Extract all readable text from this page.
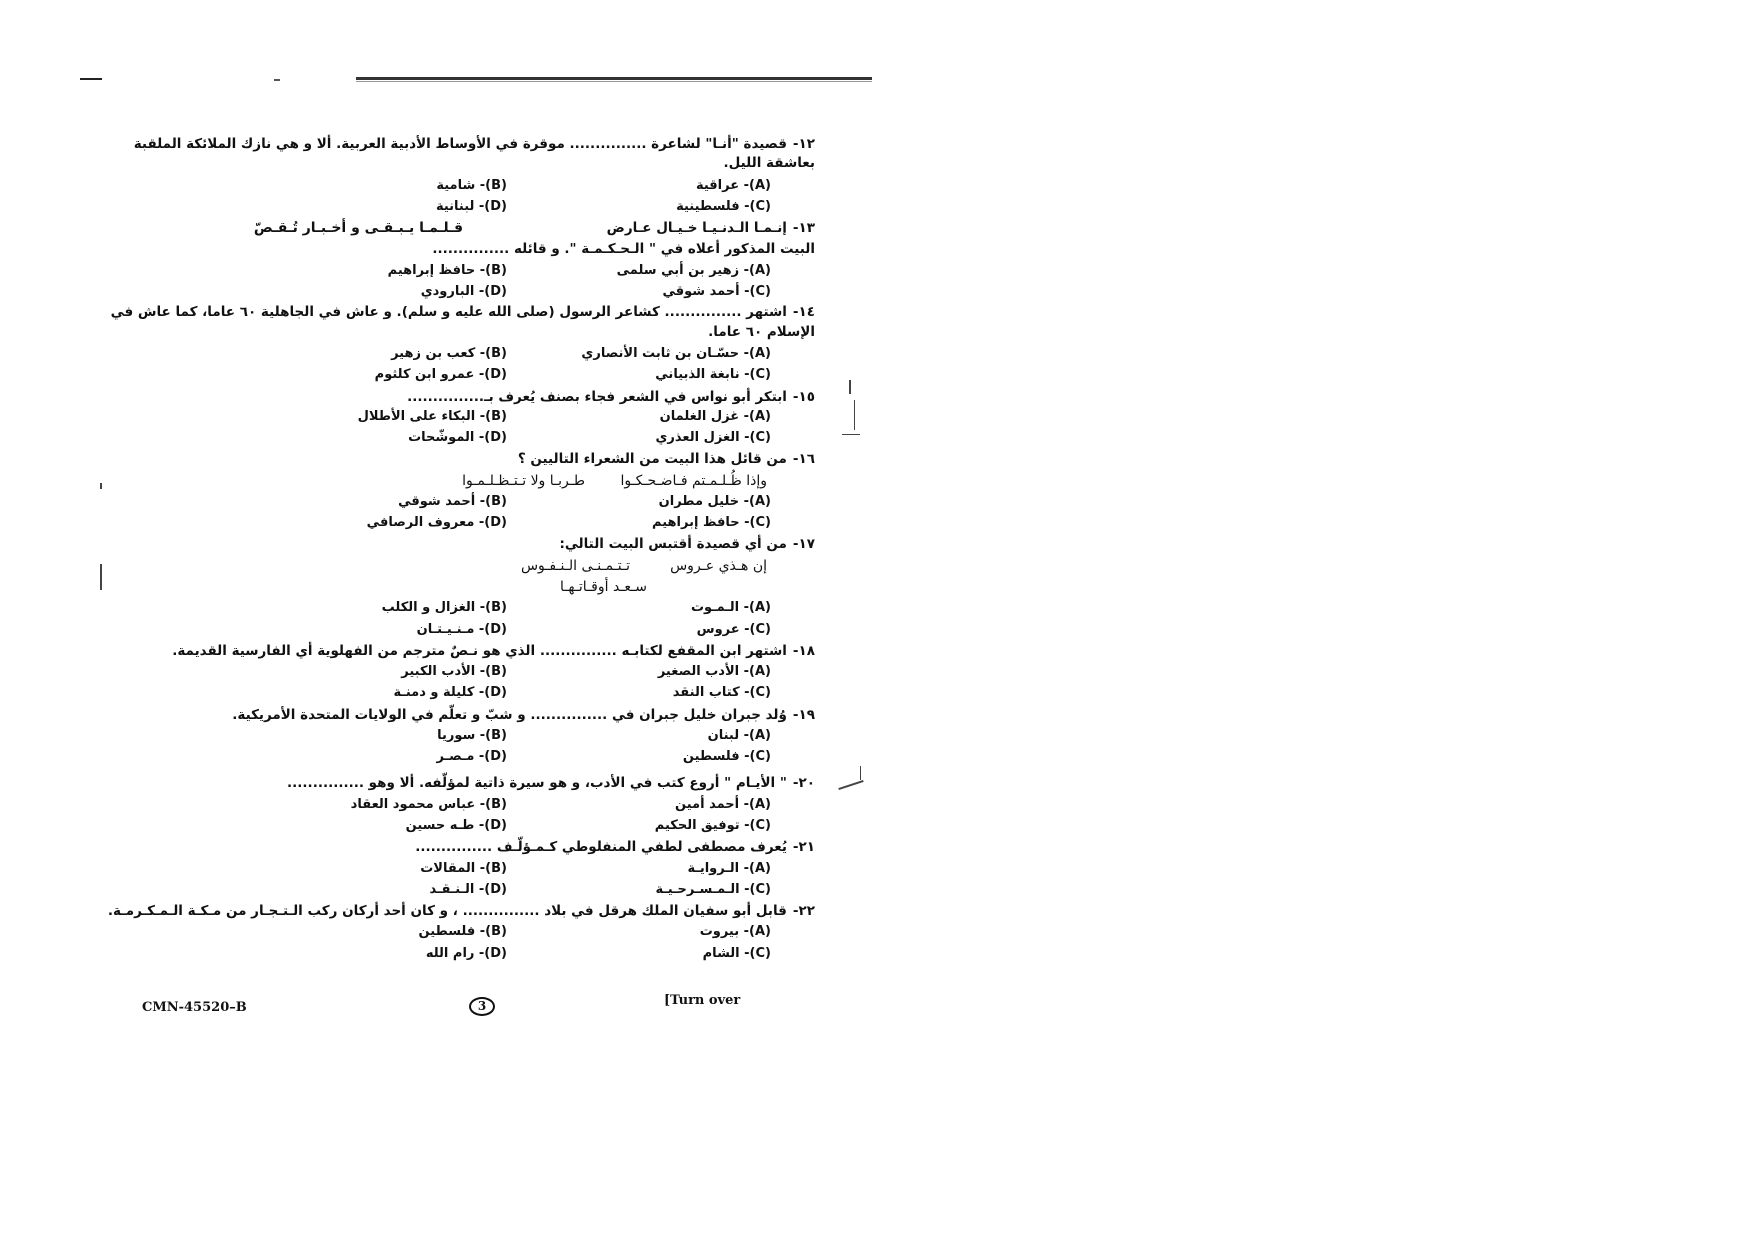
١٢-قصيدة "أنـا" لشاعرة ............... موقرة في الأوساط الأدبية العربية. ألا و هي نازك الملائكة الملقبة
بعاشقة الليل.
(A)- عراقية
(B)- شامية
(C)- فلسطينية
(D)- لبنانية
١٣-إنـمـا الـدنـيـا خـيـال عـارض
قـلـمـا يـبـقـى و أخـبـار تُـقـصّ
البيت المذكور أعلاه في " الـحـكـمـة ". و قائله ...............
(A)- زهير بن أبي سلمى
(B)- حافظ إبراهيم
(C)- أحمد شوقي
(D)- البارودي
١٤-اشتهر ............... كشاعر الرسول (صلى الله عليه و سلم). و عاش في الجاهلية ٦٠ عاما، كما عاش في
الإسلام ٦٠ عاما.
(A)- حسّـان بن ثابت الأنصاري
(B)- كعب بن زهير
(C)- نابغة الذبياني
(D)- عمرو ابن كلثوم
١٥-ابتكر أبو نواس في الشعر فجاء بصنف يُعرف بـ...............
(A)- غزل الغلمان
(B)- البكاء على الأطلال
(C)- الغزل العذري
(D)- الموشّحات
١٦-من قائل هذا البيت من الشعراء التاليين ؟
وإذا ظُـلـمـتم فـاضـحـكـوا
طـربـا ولا تـتـظـلـمـوا
(A)- خليل مطران
(B)- أحمد شوقي
(C)- حافظ إبراهيم
(D)- معروف الرصافي
١٧-من أي قصيدة أقتبس البيت التالي:
إن هـذي عـروس
تـتـمـنـى الـنـفـوس
سـعـد أوقـاتـهـا
(A)- الـمـوت
(B)- الغزال و الكلب
(C)- عروس
(D)- مـنـيـتـان
١٨-اشتهر ابن المقفع لكتابـه ............... الذي هو نـصٌ مترجم من الفهلوية أي الفارسية القديمة.
(A)- الأدب الصغير
(B)- الأدب الكبير
(C)- كتاب النقد
(D)- كليلة و دمنـة
١٩-وُلد جبران خليل جبران في ............... و شبّ و تعلّم في الولايات المتحدة الأمريكية.
(A)- لبنان
(B)- سوريا
(C)- فلسطين
(D)- مـصـر
٢٠-" الأيـام " أروع كتب في الأدب، و هو سيرة ذاتية لمؤلّفه. ألا وهو ...............
(A)- أحمد أمين
(B)- عباس محمود العقاد
(C)- توفيق الحكيم
(D)- طـه حسين
٢١-يُعرف مصطفى لطفي المنفلوطي كـمـؤلّـف ...............
(A)- الـروايـة
(B)- المقالات
(C)- الـمـسـرحـيـة
(D)- الـنـقـد
٢٢-قابل أبو سفيان الملك هرقل في بلاد ............... ، و كان أحد أركان ركب الـتـجـار من مـكـة الـمـكـرمـة.
(A)- بيروت
(B)- فلسطين
(C)- الشام
(D)- رام الله
CMN-45520–B	3	[Turn over
